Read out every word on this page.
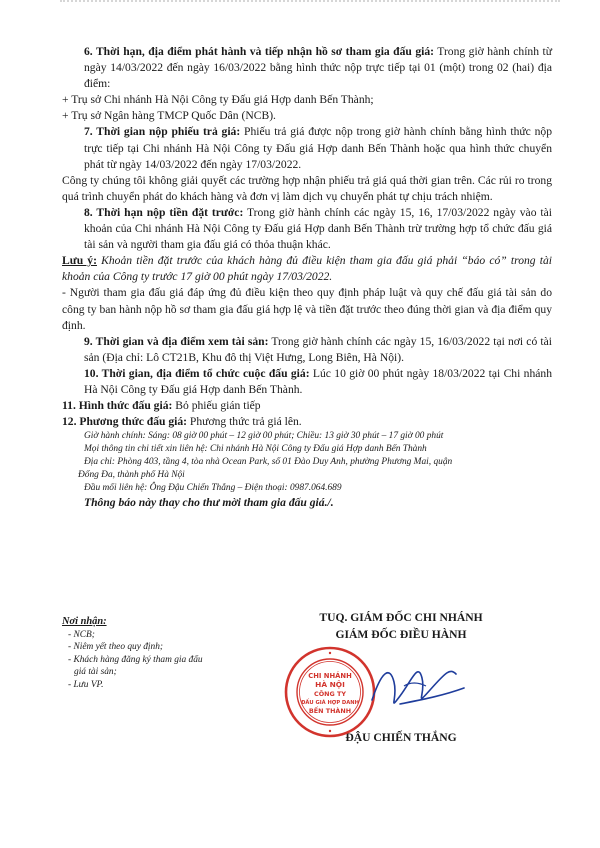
6. Thời hạn, địa điểm phát hành và tiếp nhận hồ sơ tham gia đấu giá: Trong giờ hành chính từ ngày 14/03/2022 đến ngày 16/03/2022 bằng hình thức nộp trực tiếp tại 01 (một) trong 02 (hai) địa điểm:

+ Trụ sở Chi nhánh Hà Nội Công ty Đấu giá Hợp danh Bến Thành;

+ Trụ sở Ngân hàng TMCP Quốc Dân (NCB).

7. Thời gian nộp phiếu trả giá: Phiếu trả giá được nộp trong giờ hành chính bằng hình thức nộp trực tiếp tại Chi nhánh Hà Nội Công ty Đấu giá Hợp danh Bến Thành hoặc qua hình thức chuyển phát từ ngày 14/03/2022 đến ngày 17/03/2022.

Công ty chúng tôi không giải quyết các trường hợp nhận phiếu trả giá quá thời gian trên. Các rủi ro trong quá trình chuyển phát do khách hàng và đơn vị làm dịch vụ chuyển phát tự chịu trách nhiệm.

8. Thời hạn nộp tiền đặt trước: Trong giờ hành chính các ngày 15, 16, 17/03/2022 ngày vào tài khoản của Chi nhánh Hà Nội Công ty Đấu giá Hợp danh Bến Thành trừ trường hợp tổ chức đấu giá tài sản và người tham gia đấu giá có thỏa thuận khác.

Lưu ý: Khoản tiền đặt trước của khách hàng đủ điều kiện tham gia đấu giá phải “báo có” trong tài khoản của Công ty trước 17 giờ 00 phút ngày 17/03/2022.

- Người tham gia đấu giá đáp ứng đủ điều kiện theo quy định pháp luật và quy chế đấu giá tài sản do công ty ban hành nộp hồ sơ tham gia đấu giá hợp lệ và tiền đặt trước theo đúng thời gian và địa điểm quy định.

9. Thời gian và địa điểm xem tài sản: Trong giờ hành chính các ngày 15, 16/03/2022 tại nơi có tài sản (Địa chỉ: Lô CT21B, Khu đô thị Việt Hưng, Long Biên, Hà Nội).

10. Thời gian, địa điểm tổ chức cuộc đấu giá: Lúc 10 giờ 00 phút ngày 18/03/2022 tại Chi nhánh Hà Nội Công ty Đấu giá Hợp danh Bến Thành.

11. Hình thức đấu giá: Bỏ phiếu gián tiếp

12. Phương thức đấu giá: Phương thức trả giá lên.

Giờ hành chính: Sáng: 08 giờ 00 phút – 12 giờ 00 phút; Chiều: 13 giờ 30 phút – 17 giờ 00 phút

Mọi thông tin chi tiết xin liên hệ: Chi nhánh Hà Nội Công ty Đấu giá Hợp danh Bến Thành

Địa chỉ: Phòng 403, tầng 4, tòa nhà Ocean Park, số 01 Đào Duy Anh, phường Phương Mai, quận

Đống Đa, thành phố Hà Nội

Đầu mối liên hệ: Ông Đậu Chiến Thắng – Điện thoại: 0987.064.689

Thông báo này thay cho thư mời tham gia đấu giá./.

Nơi nhận:
- NCB;
- Niêm yết theo quy định;
- Khách hàng đăng ký tham gia đấu
giá tài sản;
- Lưu VP.
TUQ. GIÁM ĐỐC CHI NHÁNH
GIÁM ĐỐC ĐIỀU HÀNH
ĐẬU CHIẾN THẮNG
CHI NHÁNH
HÀ NỘI
CÔNG TY
ĐẤU GIÁ HỢP DANH
BẾN THÀNH
